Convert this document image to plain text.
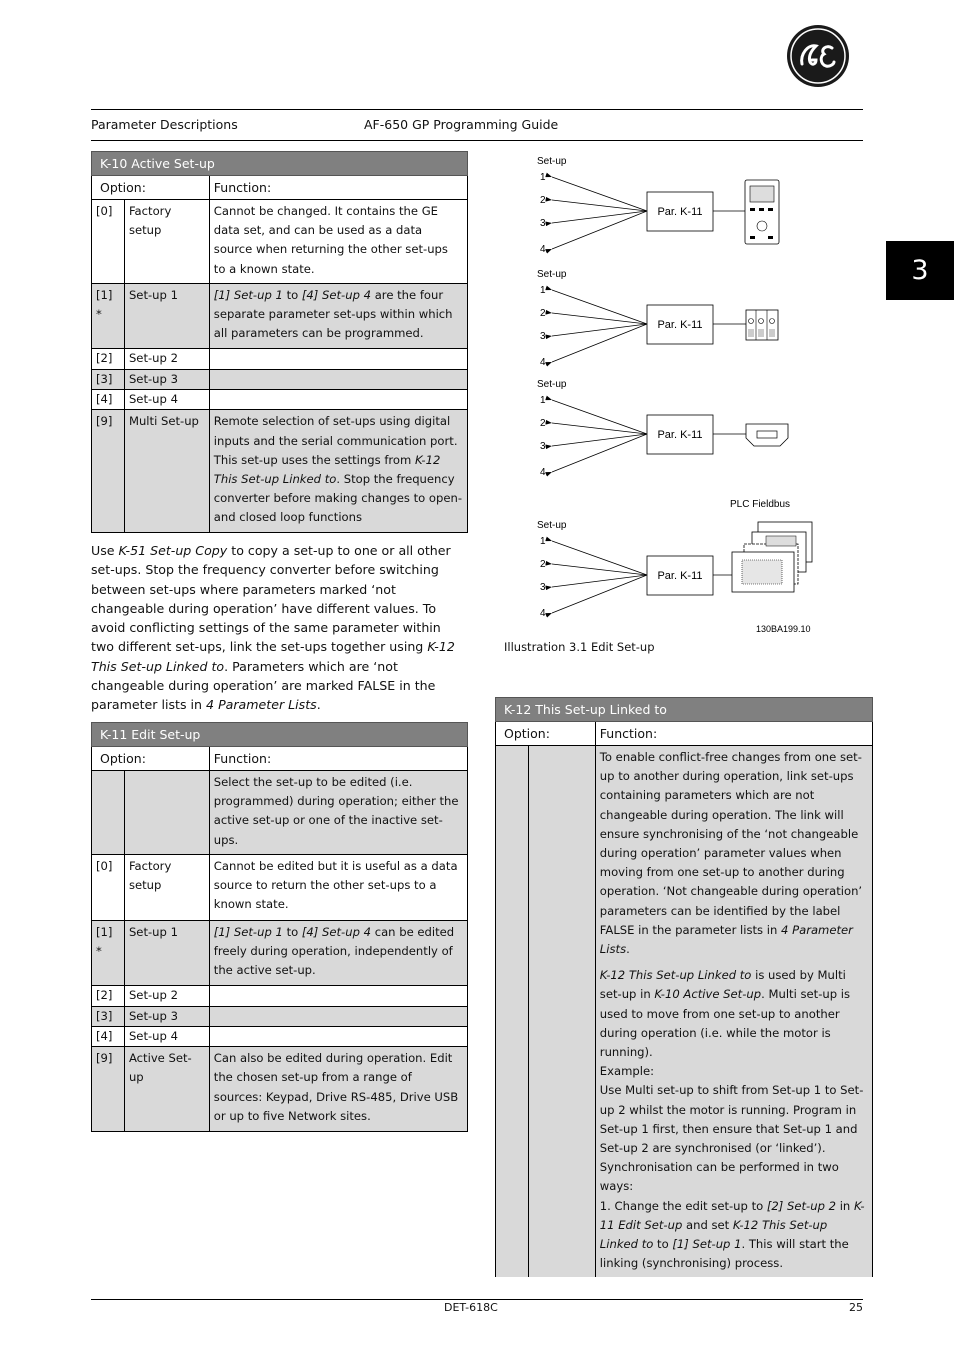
Parameter Descriptions	AF-650 GP Programming Guide
3
K-10 Active Set-up		
Option:		Function:
[0]	Factory setup	Cannot be changed. It contains the GE data set, and can be used as a data source when returning the other set-ups to a known state.
[1] *	Set-up 1	[1] Set-up 1 to [4] Set-up 4 are the four separate parameter set-ups within which all parameters can be programmed.
[2]	Set-up 2	
[3]	Set-up 3	
[4]	Set-up 4	
[9]	Multi Set-up	Remote selection of set-ups using digital inputs and the serial communication port. This set-up uses the settings from K-12 This Set-up Linked to. Stop the frequency converter before making changes to open- and closed loop functions
Use K-51 Set-up Copy to copy a set-up to one or all other set-ups. Stop the frequency converter before switching between set-ups where parameters marked ‘not changeable during operation’ have different values. To avoid conflicting settings of the same parameter within two different set-ups, link the set-ups together using K-12 This Set-up Linked to. Parameters which are ‘not changeable during operation’ are marked FALSE in the parameter lists in 4 Parameter Lists.
K-11 Edit Set-up		
Option:		Function:
		Select the set-up to be edited (i.e. programmed) during operation; either the active set-up or one of the inactive set-ups.
[0]	Factory setup	Cannot be edited but it is useful as a data source to return the other set-ups to a known state.
[1] *	Set-up 1	[1] Set-up 1 to [4] Set-up 4 can be edited freely during operation, independently of the active set-up.
[2]	Set-up 2	
[3]	Set-up 3	
[4]	Set-up 4	
[9]	Active Set-up	Can also be edited during operation. Edit the chosen set-up from a range of sources: Keypad, Drive RS-485, Drive USB or up to five Network sites.
Set-up
1
2
3
4
Par. K-11
Set-up
1
2
3
4
Par. K-11
Set-up
1
2
3
4
Par. K-11
PLC Fieldbus
Set-up
1
2
3
4
Par. K-11
130BA199.10
Illustration 3.1 Edit Set-up
K-12 This Set-up Linked to		
Option:		Function:

		To enable conflict-free changes from one set-up to another during operation, link set-ups containing parameters which are not changeable during operation. The link will ensure synchronising of the ‘not changeable during operation’ parameter values when moving from one set-up to another during operation. ‘Not changeable during operation’ parameters can be identified by the label FALSE in the parameter lists in 4 Parameter Lists.

K-12 This Set-up Linked to is used by Multi set-up in K-10 Active Set-up. Multi set-up is used to move from one set-up to another during operation (i.e. while the motor is running).

Example:

Use Multi set-up to shift from Set-up 1 to Set-up 2 whilst the motor is running. Program in Set-up 1 first, then ensure that Set-up 1 and Set-up 2 are synchronised (or ‘linked’). Synchronisation can be performed in two ways:

1. Change the edit set-up to [2] Set-up 2 in K-11 Edit Set-up and set K-12 This Set-up Linked to to [1] Set-up 1. This will start the linking (synchronising) process.

DET-618C	25
